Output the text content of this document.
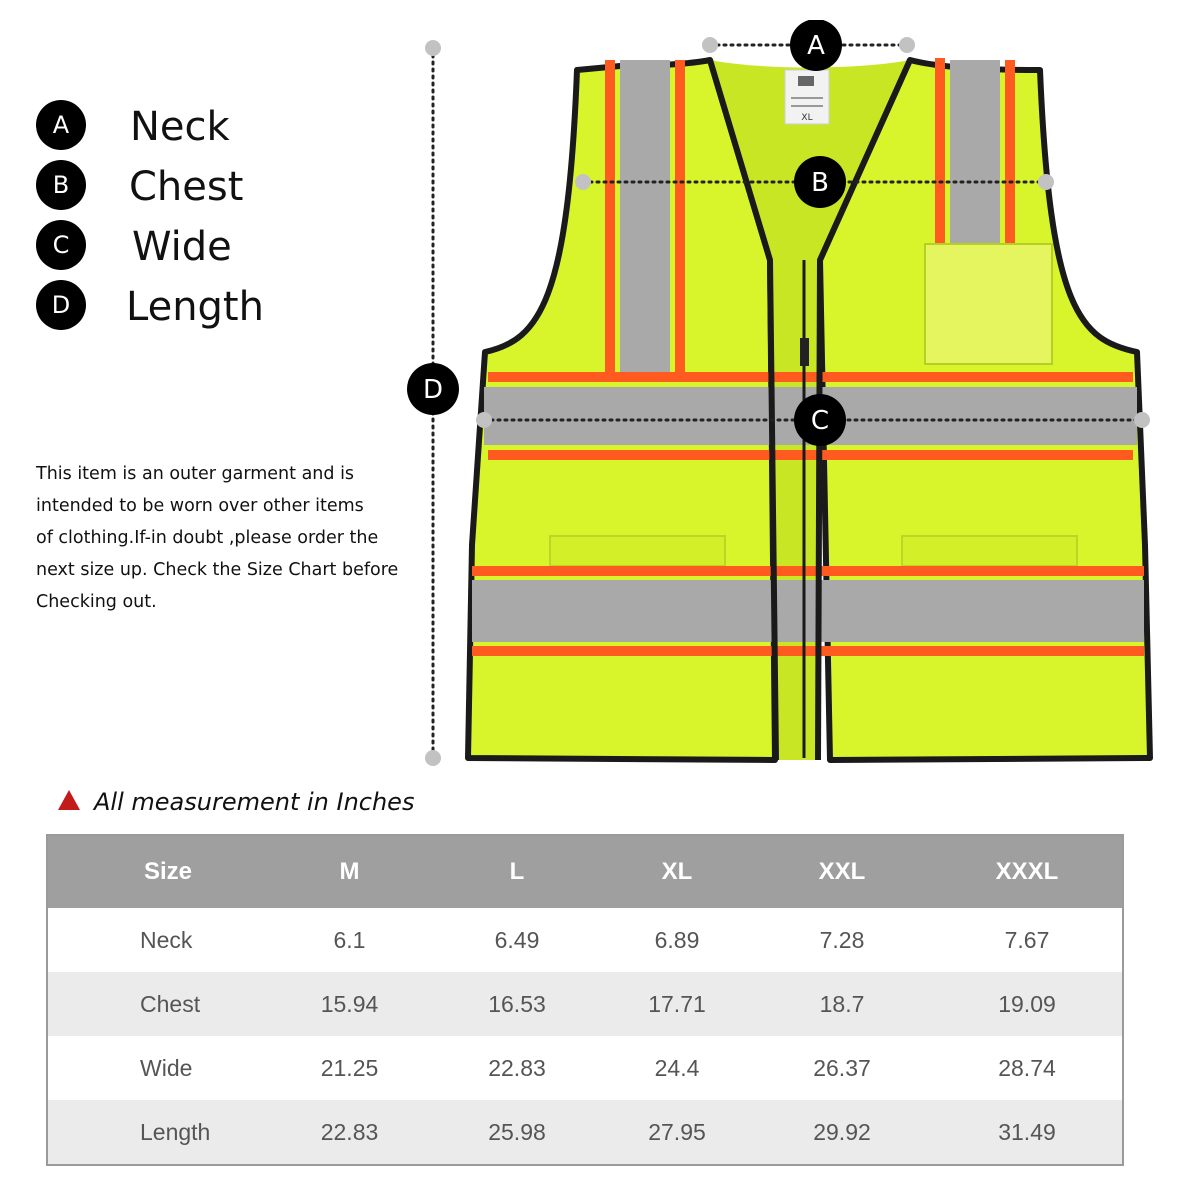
A	Neck
B	Chest
C	Wide
D	Length

This item is an outer garment and is
intended to be worn over other items
of clothing.If-in doubt ,please order the
next size up. Check the Size Chart before
Checking out.

XL
A
B
C
D
All measurement in Inches
Size	M	L	XL	XXL	XXXL
Neck	6.1	6.49	6.89	7.28	7.67
Chest	15.94	16.53	17.71	18.7	19.09
Wide	21.25	22.83	24.4	26.37	28.74
Length	22.83	25.98	27.95	29.92	31.49
